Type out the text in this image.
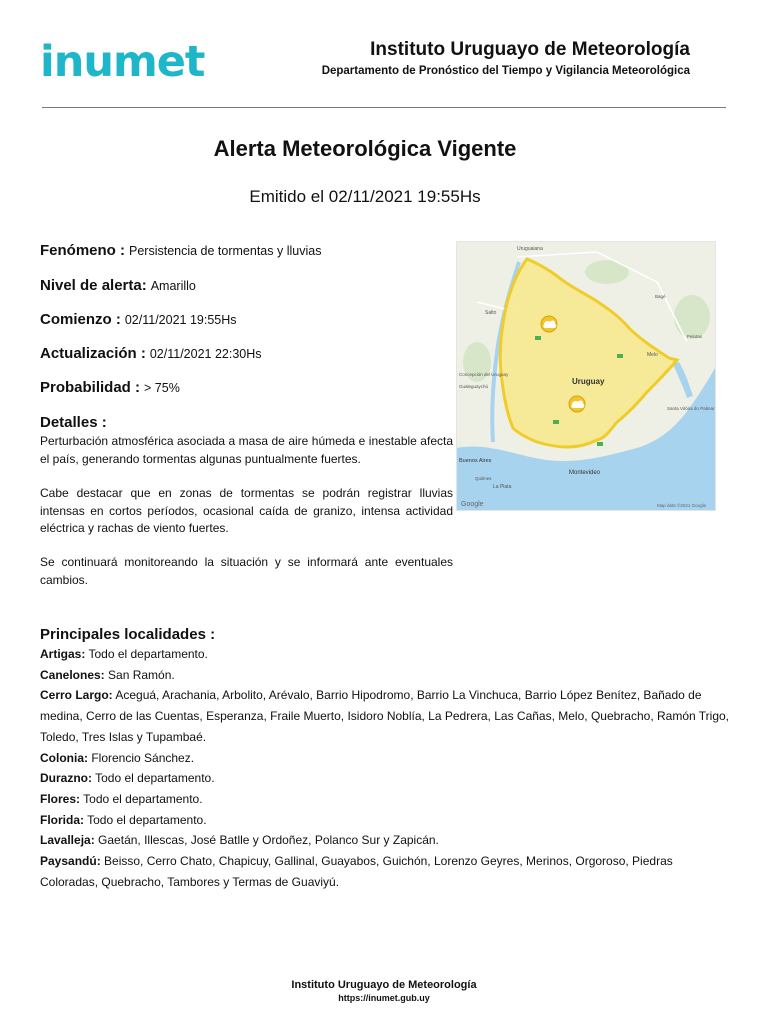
inumet	Instituto Uruguayo de Meteorología
Departamento de Pronóstico del Tiempo y Vigilancia Meteorológica
Alerta Meteorológica Vigente
Emitido el 02/11/2021 19:55Hs
Fenómeno : Persistencia de tormentas y lluvias
Nivel de alerta: Amarillo
Comienzo : 02/11/2021 19:55Hs
Actualización : 02/11/2021 22:30Hs
Probabilidad : > 75%
Detalles :
Perturbación atmosférica asociada a masa de aire húmeda e inestable afecta el país, generando tormentas algunas puntualmente fuertes.
Cabe destacar que en zonas de tormentas se podrán registrar lluvias intensas en cortos períodos, ocasional caída de granizo, intensa actividad eléctrica y rachas de viento fuertes.
Se continuará monitoreando la situación y se informará ante eventuales cambios.
Uruguay
Montevideo
Buenos Aires
La Plata
Uruguaiana
Salto
Melo
Concepción del Uruguay
Gualeguaychú
Quilmes
Santa Vitória do Palmar
Bagé
Pelotas
Google	Map data ©2021 Google
Principales localidades :

Artigas: Todo el departamento.

Canelones: San Ramón.

Cerro Largo: Aceguá, Arachania, Arbolito, Arévalo, Barrio Hipodromo, Barrio La Vinchuca, Barrio López Benítez, Bañado de medina, Cerro de las Cuentas, Esperanza, Fraile Muerto, Isidoro Noblía, La Pedrera, Las Cañas, Melo, Quebracho, Ramón Trigo, Toledo, Tres Islas y Tupambaé.

Colonia: Florencio Sánchez.

Durazno: Todo el departamento.

Flores: Todo el departamento.

Florida: Todo el departamento.

Lavalleja: Gaetán, Illescas, José Batlle y Ordoñez, Polanco Sur y Zapicán.

Paysandú: Beisso, Cerro Chato, Chapicuy, Gallinal, Guayabos, Guichón, Lorenzo Geyres, Merinos, Orgoroso, Piedras Coloradas, Quebracho, Tambores y Termas de Guaviyú.

Instituto Uruguayo de Meteorología
https://inumet.gub.uy
